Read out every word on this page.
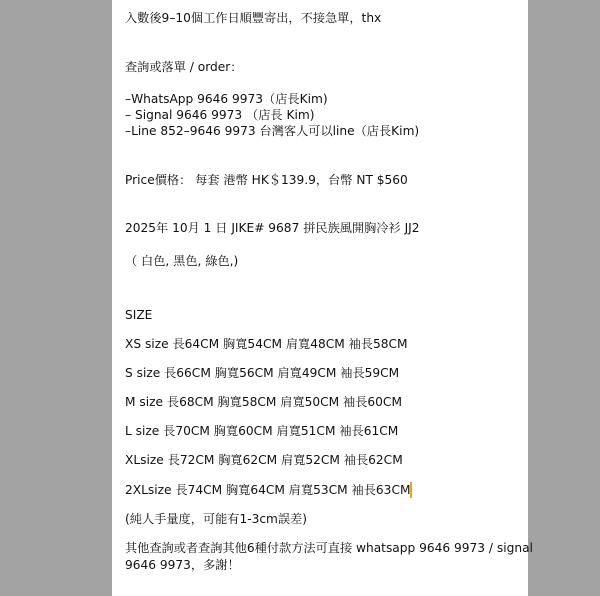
入數後9–10個工作日順豐寄出，不接急單，thx
查詢或落單 / order：
–WhatsApp 9646 9973（店長Kim)
– Signal 9646 9973 （店長 Kim)
–Line 852–9646 9973 台灣客人可以line（店長Kim)
Price價格： 每套 港幣 HK＄139.9，台幣 NT $560
2025年 10月 1 日 JIKE# 9687 拼民族風開胸冷衫 JJ2
（ 白色, 黑色, 綠色,)
SIZE
XS size 長64CM 胸寬54CM 肩寬48CM 袖長58CM
S size 長66CM 胸寬56CM 肩寬49CM 袖長59CM
M size 長68CM 胸寬58CM 肩寬50CM 袖長60CM
L size 長70CM 胸寬60CM 肩寬51CM 袖長61CM
XLsize 長72CM 胸寬62CM 肩寬52CM 袖長62CM
2XLsize 長74CM 胸寬64CM 肩寬53CM 袖長63CM
(純人手量度，可能有1-3cm誤差)
其他查詢或者查詢其他6種付款方法可直接 whatsapp 9646 9973 / signal
9646 9973，多謝！
